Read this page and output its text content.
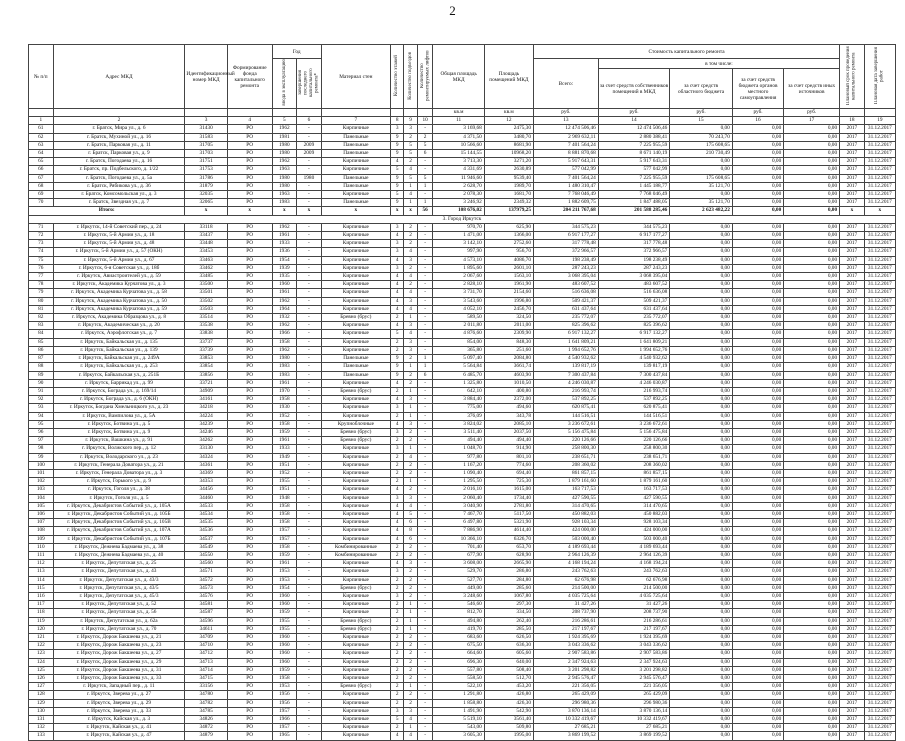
2
№ п/п	Адрес МКД	Идентификационный номер МКД	Формирование фонда капитального ремонта	Год		Материал стен	Количество этажей	Количество подъездов	Количество ремонтируемых лифтов	Общая площадь МКД	Площадь помещений МКД	Стоимость капитального ремонта					Плановый срок проведения капитального ремонта	Плановая дата завершения работ
				ввода в эксплуатацию	завершения последнего капитального ремонта*							Всего:	в том числе:					
													за счет средств собственников помещений в МКД	за счет средств областного бюджета	за счет средств бюджета органов местного самоуправления	за счет средств иных источников		
										кв.м	кв.м	руб.	руб.	руб.	руб.	руб.		
1	2	3	4	5	6	7	8	9	10	11	12	13	14	15	16	17	18	19
61	г. Братск, Мира ул., д. 6	31430	РО	1962	-	Кирпичные	3	3	-	3 169,68	2475,30	12 474 506,46	12 474 506,46	0,00	0,00	0,00	2017	31.12.2017
62	г. Братск, Мухиной ул., д. 16	31583	РО	1981	-	Панельные	9	2	2	4 371,50	3480,70	2 969 632,11	2 880 388,41	70 243,70	0,00	0,00	2017	31.12.2017
63	г. Братск, Парковая ул., д. 11	31705	РО	1980	2009	Панельные	9	5	5	10 566,60	8681,90	7 401 564,24	7 225 955,59	175 608,65	0,00	0,00	2017	31.12.2017
64	г. Братск, Парковая ул., д. 9	31703	РО	1980	2009	Панельные	9	5	6	15 144,55	10968,20	8 881 870,68	8 671 140,19	210 730,49	0,00	0,00	2017	31.12.2017
65	г. Братск, Погодаева ул., д. 16	31751	РО	1962	-	Кирпичные	4	2	-	3 713,30	3271,20	5 917 643,31	5 917 643,31	0,00	0,00	0,00	2017	31.12.2017
66	г. Братск, пр. Подбельского, д. 1/22	31753	РО	1963	-	Кирпичные	5	4	-	4 331,69	2630,89	577 042,99	577 042,99	0,00	0,00	0,00	2017	31.12.2017
67	г. Братск, Погодаева ул., д. 5а	31786	РО	1980	1980	Панельные	9	5	5	11 946,60	9539,40	7 401 564,24	7 225 955,59	175 608,65	0,00	0,00	2017	31.12.2017
68	г. Братск, Рябикова ул., д. 36	31879	РО	1980	-	Панельные	9	1	1	2 628,70	1989,70	1 480 310,47	1 445 188,77	35 121,70	0,00	0,00	2017	31.12.2017
69	г. Братск, Комсомольская ул., д. 3	32035	РО	1963	-	Кирпичные	5	4	-	2 078,30	1681,70	7 768 046,49	7 768 046,49	0,00	0,00	0,00	2017	31.12.2017
70	г. Братск, Звездная ул., д. 7	32065	РО	1983	-	Панельные	9	1	1	3 246,92	2349,32	1 882 609,75	1 847 488,05	35 121,70	0,00	0,00	2017	31.12.2017
Итого:		х	х	х	х	х	х	х	56	108 676,02	137979,25	204 211 767,68	201 588 285,46	2 623 482,22	0,00	0,00	х	х
3. Город Иркутск																		
71	г. Иркутск, 14-й Советский пер., д. 24	33118	РО	1962	-	Кирпичные	3	2	-	970,70	625,90	344 575,23	344 575,23	0,00	0,00	0,00	2017	31.12.2017
72	г. Иркутск, 5-й Армии ул., д. 18	33437	РО	1961	-	Кирпичные	4	2	-	1 471,00	1366,00	6 917 177,27	6 917 177,27	0,00	0,00	0,00	2017	31.12.2017
73	г. Иркутск, 5-й Армии ул., д. 48	33448	РО	1933	-	Кирпичные	3	2	-	3 142,10	2752,60	317 778,48	317 778,48	0,00	0,00	0,00	2017	31.12.2017
74	г. Иркутск, 5-й Армии ул., д. 57 (ОКН)	33453	РО	1936	-	Кирпичные	3	4	-	997,90	956,70	372 966,57	372 966,57	0,00	0,00	0,00	2017	31.12.2017
75	г. Иркутск, 5-й Армии ул., д. 67	33463	РО	1954	-	Кирпичные	4	3	-	4 573,10	4086,70	198 238,49	198 238,49	0,00	0,00	0,00	2017	31.12.2017
76	г. Иркутск, 6-я Советская ул., д. 18б	33462	РО	1939	-	Кирпичные	3	2	-	1 895,60	2601,10	287 243,23	287 243,23	0,00	0,00	0,00	2017	31.12.2017
77	г. Иркутск, Авиастроителей ул., д. 59	33485	РО	1935	-	Кирпичные	4	4	-	2 067,60	1563,10	3 068 395,04	3 068 395,04	0,00	0,00	0,00	2017	31.12.2017
78	г. Иркутск, Академика Курчатова ул., д. 3	33500	РО	1960	-	Кирпичные	4	2	-	2 828,10	1961,90	483 607,52	483 607,52	0,00	0,00	0,00	2017	31.12.2017
79	г. Иркутск, Академика Курчатова ул., д. 58	33501	РО	1961	-	Кирпичные	4	4	-	3 731,70	2154,60	516 636,08	516 636,08	0,00	0,00	0,00	2017	31.12.2017
80	г. Иркутск, Академика Курчатова ул., д. 50	33502	РО	1962	-	Кирпичные	4	3	-	3 543,60	1996,80	509 421,37	509 421,37	0,00	0,00	0,00	2017	31.12.2017
81	г. Иркутск, Академика Курчатова ул., д. 59	33503	РО	1964	-	Кирпичные	4	4	-	4 052,10	2456,70	631 437,64	631 437,64	0,00	0,00	0,00	2017	31.12.2017
82	г. Иркутск, Академика Образцова ул., д. 8	33514	РО	1932	-	Бревно (брус)	2	1	-	589,50	324,50	235 772,07	235 772,07	0,00	0,00	0,00	2017	31.12.2017
83	г. Иркутск, Академическая ул., д. 20	33538	РО	1962	-	Кирпичные	4	3	-	2 011,80	2011,00	825 396,62	825 396,62	0,00	0,00	0,00	2017	31.12.2017
84	г. Иркутск, Аэрофлотская ул., д. 7	33838	РО	1966	-	Кирпичные	5	4	-	4 876,60	2309,90	6 917 132,27	6 917 132,27	0,00	0,00	0,00	2017	31.12.2017
85	г. Иркутск, Байкальская ул., д. 135	33737	РО	1958	-	Кирпичные	2	3	-	854,00	848,30	1 641 809,21	1 641 809,21	0,00	0,00	0,00	2017	31.12.2017
86	г. Иркутск, Байкальская ул., д. 139	33739	РО	1962	-	Кирпичные	2	3	-	365,80	251,60	1 994 652,76	1 994 652,76	0,00	0,00	0,00	2017	31.12.2017
87	г. Иркутск, Байкальская ул., д. 249А	33853	РО	1980	-	Панельные	9	2	1	5 097,40	2084,80	4 540 932,62	4 540 932,62	0,00	0,00	0,00	2017	31.12.2017
88	г. Иркутск, Байкальская ул., д. 253	33854	РО	1983	-	Панельные	9	1	1	5 564,84	3661,74	139 817,19	139 817,19	0,00	0,00	0,00	2017	31.12.2017
89	г. Иркутск, Байкальская ул., д. 251Б	33856	РО	1983	-	Панельные	9	2	6	6 485,70	4603,90	7 300 437,84	7 300 437,84	0,00	0,00	0,00	2017	31.12.2017
90	г. Иркутск, Баррикад ул., д. 99	33721	РО	1961	-	Кирпичные	4	2	-	1 325,80	1010,50	4 246 030,87	4 246 030,87	0,00	0,00	0,00	2017	31.12.2017
91	г. Иркутск, Бограда ул., д. 169/14	34909	РО	1970	-	Бревно (брус)	2	1	-	642,10	400,80	216 993,74	216 993,74	0,00	0,00	0,00	2017	31.12.2017
92	г. Иркутск, Бограда ул., д. 6 (ОКН)	34161	РО	1958	-	Кирпичные	4	3	-	3 884,40	2372,00	537 892,25	537 892,25	0,00	0,00	0,00	2017	31.12.2017
93	г. Иркутск, Богдана Хмельницкого ул., д. 23	34218	РО	1930	-	Кирпичные	3	1	-	775,00	494,60	620 875,41	620 875,41	0,00	0,00	0,00	2017	31.12.2017
94	г. Иркутск, Вампилова ул., д. 5А	34224	РО	1952	-	Кирпичные	2	1	-	376,09	343,78	144 516,51	144 516,51	0,00	0,00	0,00	2017	31.12.2017
95	г. Иркутск, Ботвина ул., д. 5	34239	РО	1958	-	Крупноблочные	4	3	-	3 824,02	2085,10	3 236 672,61	3 236 672,61	0,00	0,00	0,00	2017	31.12.2017
96	г. Иркутск, Ботвина ул., д. 9	34246	РО	1959	-	Бревно (брус)	3	2	-	3 511,40	2037,50	5 156 475,84	5 156 475,84	0,00	0,00	0,00	2017	31.12.2017
97	г. Иркутск, Вашкина ул., д. 91	34262	РО	1961	-	Бревно (брус)	2	2	-	494,40	494,40	220 126,66	220 126,66	0,00	0,00	0,00	2017	31.12.2017
98	г. Иркутск, Волжского пер., д. 12	33130	РО	1933	-	Кирпичные	3	1	-	1 048,70	914,90	258 800,30	258 800,30	0,00	0,00	0,00	2017	31.12.2017
99	г. Иркутск, Володарского ул., д. 23	34324	РО	1949	-	Кирпичные	2	4	-	977,80	801,10	238 651,71	238 651,71	0,00	0,00	0,00	2017	31.12.2017
100	г. Иркутск, Генерала Доватора ул., д. 21	34361	РО	1951	-	Кирпичные	2	2	-	1 167,20	774,60	208 360,02	208 360,02	0,00	0,00	0,00	2017	31.12.2017
101	г. Иркутск, Генерала Доватора ул., д. 3	34369	РО	1952	-	Кирпичные	2	2	-	1 090,40	694,40	861 857,15	861 857,15	0,00	0,00	0,00	2017	31.12.2017
102	г. Иркутск, Горького ул., д. 9	34353	РО	1955	-	Кирпичные	2	1	-	1 295,50	725,30	1 879 161,60	1 879 161,60	0,00	0,00	0,00	2017	31.12.2017
103	г. Иркутск, Гоголя ул., д. 38	34456	РО	1951	-	Кирпичные	4	2	-	2 016,10	1615,00	163 717,53	163 717,53	0,00	0,00	0,00	2017	31.12.2017
104	г. Иркутск, Гоголя ул., д. 5	34460	РО	1948	-	Кирпичные	3	3	-	2 060,40	1734,40	427 590,55	427 590,55	0,00	0,00	0,00	2017	31.12.2017
105	г. Иркутск, Декабристов Событий ул., д. 105А	34533	РО	1958	-	Кирпичные	4	4	-	3 040,90	2781,80	314 470,65	314 470,65	0,00	0,00	0,00	2017	31.12.2017
106	г. Иркутск, Декабристов Событий ул., д. 105Б	34534	РО	1958	-	Кирпичные	4	5	-	7 467,70	5117,50	450 882,03	450 882,03	0,00	0,00	0,00	2017	31.12.2017
107	г. Иркутск, Декабристов Событий ул., д. 105В	34535	РО	1958	-	Кирпичные	4	6	-	6 497,80	5321,90	928 103,34	928 103,34	0,00	0,00	0,00	2017	31.12.2017
108	г. Иркутск, Декабристов Событий ул., д. 107А	34536	РО	1957	-	Кирпичные	4	8	-	7 886,90	4614,40	424 000,00	424 000,00	0,00	0,00	0,00	2017	31.12.2017
109	г. Иркутск, Декабристов Событий ул., д. 107Б	34537	РО	1957	-	Кирпичные	4	6	-	10 366,10	6326,70	503 000,40	503 000,40	0,00	0,00	0,00	2017	31.12.2017
110	г. Иркутск, Дежнева Бадмаева ул., д. 38	34549	РО	1958	-	Комбинированные	2	2	-	701,40	653,70	4 189 693,44	4 189 693,44	0,00	0,00	0,00	2017	31.12.2017
111	г. Иркутск, Дежнева Бадмаева ул., д. 40	34550	РО	1959	-	Комбинированные	2	2	-	677,90	628,90	2 964 126,39	2 964 126,39	0,00	0,00	0,00	2017	31.12.2017
112	г. Иркутск, Депутатская ул., д. 25	34560	РО	1961	-	Кирпичные	4	3	-	3 608,00	2665,90	4 168 194,24	4 168 194,24	0,00	0,00	0,00	2017	31.12.2017
113	г. Иркутск, Депутатская ул., д. 43	34571	РО	1953	-	Кирпичные	3	2	-	529,70	286,80	243 762,63	243 762,63	0,00	0,00	0,00	2017	31.12.2017
114	г. Иркутск, Депутатская ул., д. 43/3	34572	РО	1953	-	Кирпичные	2	2	-	527,70	284,80	62 676,98	62 676,98	0,00	0,00	0,00	2017	31.12.2017
115	г. Иркутск, Депутатская ул., д. 43/5	34573	РО	1954	-	Бревно (брус)	2	2	-	449,00	285,60	214 500,00	214 500,00	0,00	0,00	0,00	2017	31.12.2017
116	г. Иркутск, Депутатская ул., д. 45/3	34576	РО	1960	-	Кирпичные	3	2	-	3 248,60	1067,80	4 035 725,64	4 035 725,64	0,00	0,00	0,00	2017	31.12.2017
117	г. Иркутск, Депутатская ул., д. 52	34581	РО	1960	-	Кирпичные	2	1	-	546,60	297,30	31 427,26	31 427,26	0,00	0,00	0,00	2017	31.12.2017
118	г. Иркутск, Депутатская ул., д. 56	34587	РО	1959	-	Кирпичные	2	1	-	812,70	334,50	208 737,90	208 737,90	0,00	0,00	0,00	2017	31.12.2017
119	г. Иркутск, Депутатская ул., д. 62а	34596	РО	1955	-	Бревно (брус)	2	1	-	494,80	262,40	216 286,61	216 286,61	0,00	0,00	0,00	2017	31.12.2017
120	г. Иркутск, Депутатская ул., д. 70	34611	РО	1955	-	Бревно (брус)	2	1	-	419,70	285,50	217 197,67	217 197,67	0,00	0,00	0,00	2017	31.12.2017
121	г. Иркутск, Дорож Бакшеева ул., д. 21	34709	РО	1960	-	Кирпичные	2	2	-	683,60	626,50	1 924 395,69	1 924 395,69	0,00	0,00	0,00	2017	31.12.2017
122	г. Иркутск, Дорож Бакшеева ул., д. 23	34710	РО	1960	-	Кирпичные	2	2	-	675,50	636,30	3 043 336,62	3 043 336,62	0,00	0,00	0,00	2017	31.12.2017
123	г. Иркутск, Дорож Бакшеева ул., д. 27	34712	РО	1960	-	Кирпичные	2	2	-	664,60	605,60	2 907 583,86	2 907 583,86	0,00	0,00	0,00	2017	31.12.2017
124	г. Иркутск, Дорож Бакшеева ул., д. 29	34713	РО	1960	-	Кирпичные	2	2	-	696,30	640,00	2 347 924,63	2 347 924,63	0,00	0,00	0,00	2017	31.12.2017
125	г. Иркутск, Дорож Бакшеева ул., д. 31	34714	РО	1959	-	Кирпичные	2	2	-	557,80	508,40	3 201 298,82	3 201 298,82	0,00	0,00	0,00	2017	31.12.2017
126	г. Иркутск, Дорож Бакшеева ул., д. 33	34715	РО	1958	-	Кирпичные	2	2	-	558,50	512,70	2 945 576,47	2 945 576,47	0,00	0,00	0,00	2017	31.12.2017
127	г. Иркутск, Западный пер., д. 11	33156	РО	1953	-	Бревно (брус)	2	1	-	522,10	453,20	221 356,05	221 356,05	0,00	0,00	0,00	2017	31.12.2017
128	г. Иркутск, Зверева ул., д. 27	34780	РО	1956	-	Кирпичные	2	2	-	1 291,80	426,80	265 429,09	265 429,09	0,00	0,00	0,00	2017	31.12.2017
129	г. Иркутск, Зверева ул., д. 29	34782	РО	1956	-	Кирпичные	2	2	-	1 858,80	426,30	296 980,36	296 980,36	0,00	0,00	0,00	2017	31.12.2017
130	г. Иркутск, Зверева ул., д. 33	34785	РО	1957	-	Кирпичные	3	3	-	1 491,90	542,90	3 870 136,14	3 870 136,14	0,00	0,00	0,00	2017	31.12.2017
131	г. Иркутск, Кайская ул., д. 3	34826	РО	1966	-	Кирпичные	5	4	-	5 519,10	3561,40	10 332 419,67	10 332 419,67	0,00	0,00	0,00	2017	31.12.2017
132	г. Иркутск, Кайская ул., д. 41	34872	РО	1957	-	Кирпичные	2	1	-	543,00	509,80	27 685,21	27 685,21	0,00	0,00	0,00	2017	31.12.2017
133	г. Иркутск, Кайская ул., д. 47	34879	РО	1965	-	Кирпичные	4	4	-	3 605,30	1995,00	3 869 199,52	3 869 199,52	0,00	0,00	0,00	2017	31.12.2017
